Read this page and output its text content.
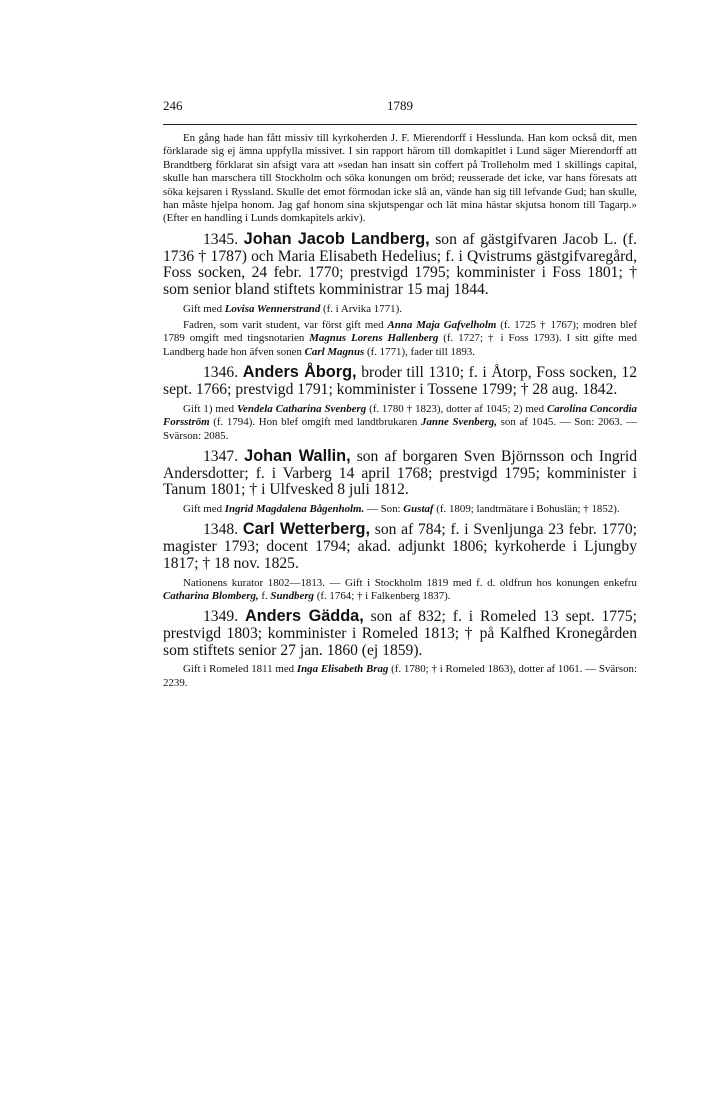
1789
246

En gång hade han fått missiv till kyrkoherden J. F. Mierendorff i Hesslunda. Han kom också dit, men förklarade sig ej ämna uppfylla missivet. I sin rapport härom till domkapitlet i Lund säger Mierendorff att Brandtberg förklarat sin afsigt vara att »sedan han insatt sin coffert på Trolleholm med 1 skillings capital, skulle han marschera till Stockholm och söka konungen om bröd; reusserade det icke, var hans föresats att söka kejsaren i Ryssland. Skulle det emot förmodan icke slå an, vände han sig till lefvande Gud; han skulle, han måste hjelpa honom. Jag gaf honom sina skjutspengar och lät mina hästar skjutsa honom till Tagarp.» (Efter en handling i Lunds domkapitels arkiv).

1345. Johan Jacob Landberg, son af gästgifvaren Jacob L. (f. 1736 † 1787) och Maria Elisabeth Hedelius; f. i Qvistrums gästgifvaregård, Foss socken, 24 febr. 1770; prestvigd 1795; komminister i Foss 1801; † som senior bland stiftets komministrar 15 maj 1844.

Gift med Lovisa Wennerstrand (f. i Arvika 1771).

Fadren, som varit student, var först gift med Anna Maja Gafvelholm (f. 1725 † 1767); modren blef 1789 omgift med tingsnotarien Magnus Lorens Hallenberg (f. 1727; † i Foss 1793). I sitt gifte med Landberg hade hon äfven sonen Carl Magnus (f. 1771), fader till 1893.

1346. Anders Åborg, broder till 1310; f. i Åtorp, Foss socken, 12 sept. 1766; prestvigd 1791; komminister i Tossene 1799; † 28 aug. 1842.

Gift 1) med Vendela Catharina Svenberg (f. 1780 † 1823), dotter af 1045; 2) med Carolina Concordia Forsström (f. 1794). Hon blef omgift med landtbrukaren Janne Svenberg, son af 1045. — Son: 2063. — Svärson: 2085.

1347. Johan Wallin, son af borgaren Sven Björnsson och Ingrid Andersdotter; f. i Varberg 14 april 1768; prestvigd 1795; komminister i Tanum 1801; † i Ulfvesked 8 juli 1812.

Gift med Ingrid Magdalena Bågenholm. — Son: Gustaf (f. 1809; landtmätare i Bohuslän; † 1852).

1348. Carl Wetterberg, son af 784; f. i Svenljunga 23 febr. 1770; magister 1793; docent 1794; akad. adjunkt 1806; kyrkoherde i Ljungby 1817; † 18 nov. 1825.

Nationens kurator 1802—1813. — Gift i Stockholm 1819 med f. d. oldfrun hos konungen enkefru Catharina Blomberg, f. Sundberg (f. 1764; † i Falkenberg 1837).

1349. Anders Gädda, son af 832; f. i Romeled 13 sept. 1775; prestvigd 1803; komminister i Romeled 1813; † på Kalfhed Kronegården som stiftets senior 27 jan. 1860 (ej 1859).

Gift i Romeled 1811 med Inga Elisabeth Brag (f. 1780; † i Romeled 1863), dotter af 1061. — Svärson: 2239.
